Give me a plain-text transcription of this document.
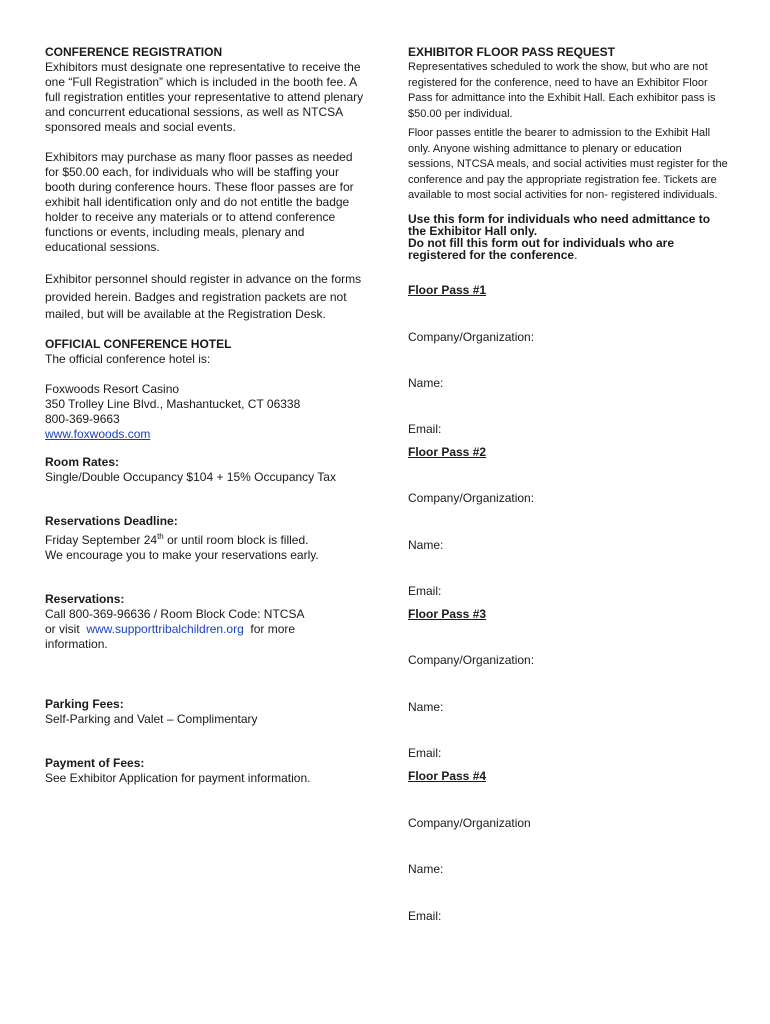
CONFERENCE REGISTRATION

Exhibitors must designate one representative to receive the one “Full Registration” which is included in the booth fee. A full registration entitles your representative to attend plenary and concurrent educational sessions, as well as NTCSA sponsored meals and social events.

Exhibitors may purchase as many floor passes as needed for $50.00 each, for individuals who will be staffing your booth during conference hours. These floor passes are for exhibit hall identification only and do not entitle the badge holder to receive any materials or to attend conference functions or events, including meals, plenary and educational sessions.

Exhibitor personnel should register in advance on the forms provided herein. Badges and registration packets are not mailed, but will be available at the Registration Desk.

OFFICIAL CONFERENCE HOTEL

The official conference hotel is:

Foxwoods Resort Casino

350 Trolley Line Blvd., Mashantucket, CT 06338

800-369-9663

www.foxwoods.com

Room Rates:

Single/Double Occupancy $104 + 15% Occupancy Tax

Reservations Deadline:

Friday September 24th or until room block is filled.

We encourage you to make your reservations early.

Reservations:

Call 800-369-96636 / Room Block Code: NTCSA

or visit www.supporttribalchildren.org for more

information.

Parking Fees:

Self-Parking and Valet – Complimentary

Payment of Fees:

See Exhibitor Application for payment information.

EXHIBITOR FLOOR PASS REQUEST

Representatives scheduled to work the show, but who are not registered for the conference, need to have an Exhibitor Floor Pass for admittance into the Exhibit Hall. Each exhibitor pass is $50.00 per individual.

Floor passes entitle the bearer to admission to the Exhibit Hall only. Anyone wishing admittance to plenary or education sessions, NTCSA meals, and social activities must register for the conference and pay the appropriate registration fee. Tickets are available to most social activities for non- registered individuals.

Use this form for individuals who need admittance to the Exhibitor Hall only.

Do not fill this form out for individuals who are registered for the conference.

Floor Pass #1

Company/Organization:

Name:

Email:

Floor Pass #2

Company/Organization:

Name:

Email:

Floor Pass #3

Company/Organization:

Name:

Email:

Floor Pass #4

Company/Organization

Name:

Email:
